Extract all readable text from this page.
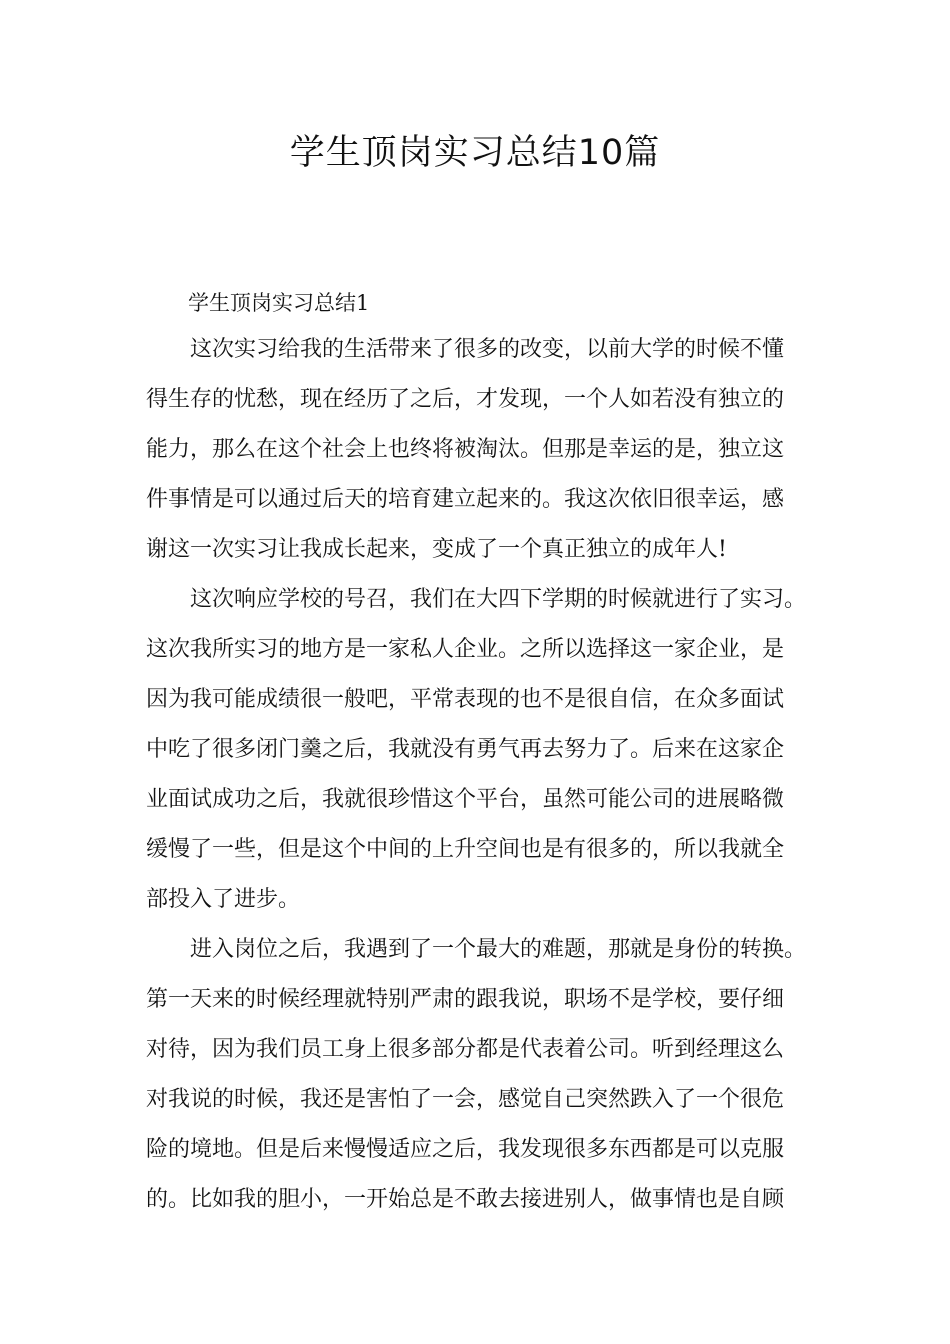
学生顶岗实习总结10篇
学生顶岗实习总结1
这次实习给我的生活带来了很多的改变，以前大学的时候不懂
得生存的忧愁，现在经历了之后，才发现，一个人如若没有独立的
能力，那么在这个社会上也终将被淘汰。但那是幸运的是，独立这
件事情是可以通过后天的培育建立起来的。我这次依旧很幸运，感
谢这一次实习让我成长起来，变成了一个真正独立的成年人!
这次响应学校的号召，我们在大四下学期的时候就进行了实习。
这次我所实习的地方是一家私人企业。之所以选择这一家企业，是
因为我可能成绩很一般吧，平常表现的也不是很自信，在众多面试
中吃了很多闭门羹之后，我就没有勇气再去努力了。后来在这家企
业面试成功之后，我就很珍惜这个平台，虽然可能公司的进展略微
缓慢了一些，但是这个中间的上升空间也是有很多的，所以我就全
部投入了进步。
进入岗位之后，我遇到了一个最大的难题，那就是身份的转换。
第一天来的时候经理就特别严肃的跟我说，职场不是学校，要仔细
对待，因为我们员工身上很多部分都是代表着公司。听到经理这么
对我说的时候，我还是害怕了一会，感觉自己突然跌入了一个很危
险的境地。但是后来慢慢适应之后，我发现很多东西都是可以克服
的。比如我的胆小，一开始总是不敢去接进别人，做事情也是自顾
